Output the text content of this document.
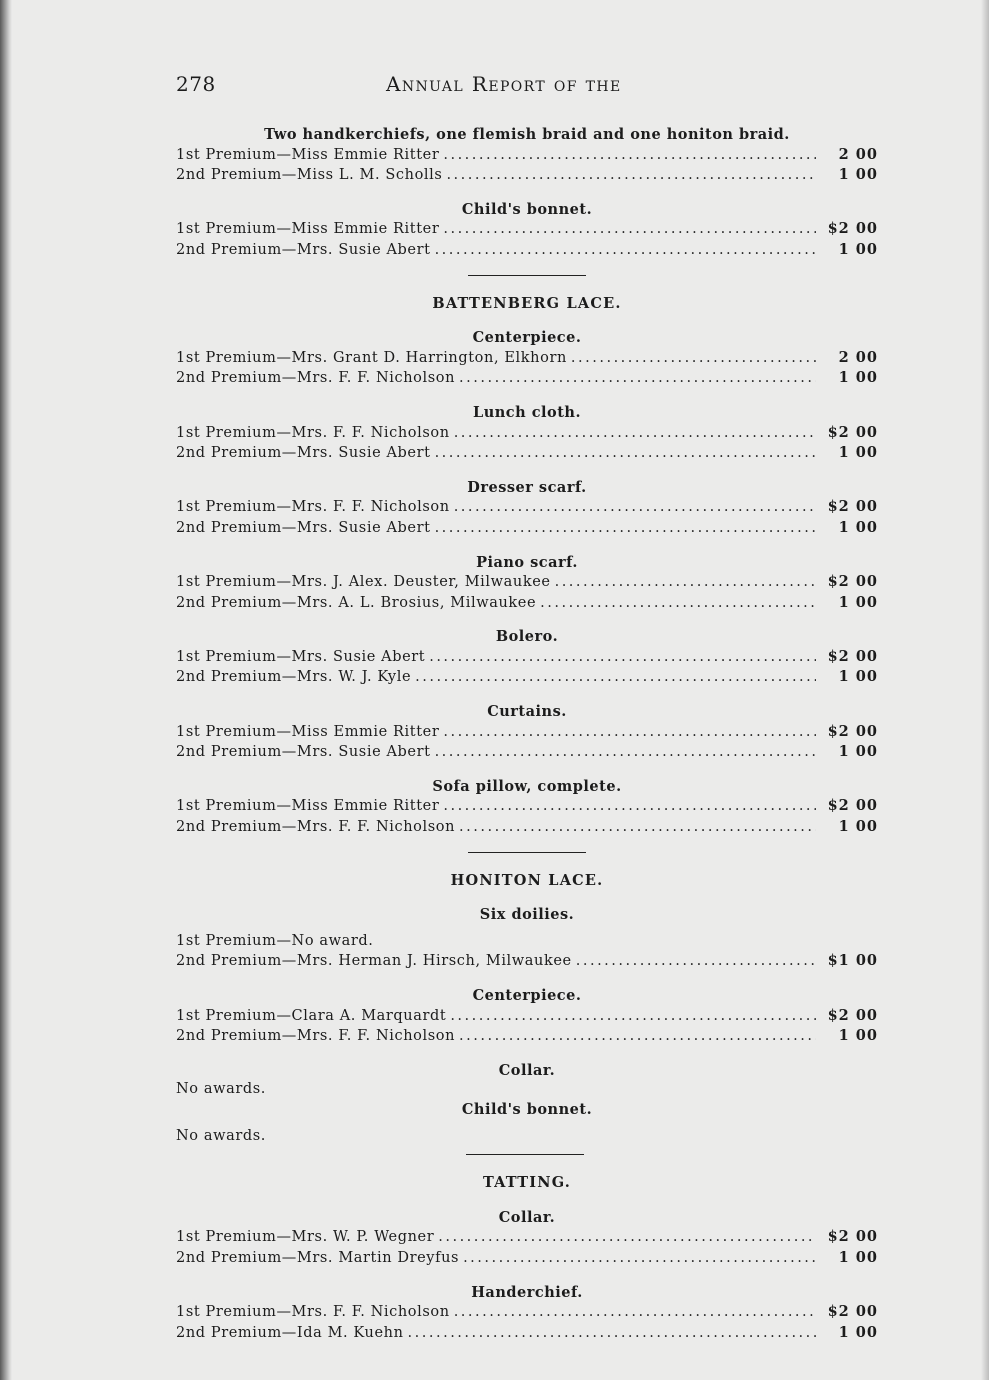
278	Annual Report of the
Two handkerchiefs, one flemish braid and one honiton braid.
1st Premium—Miss Emmie Ritter .....	2 00
2nd Premium—Miss L. M. Scholls .....	1 00
Child's bonnet.
1st Premium—Miss Emmie Ritter .....	$2 00
2nd Premium—Mrs. Susie Abert .....	1 00
BATTENBERG LACE.
Centerpiece.
1st Premium—Mrs. Grant D. Harrington, Elkhorn .....	2 00
2nd Premium—Mrs. F. F. Nicholson .....	1 00
Lunch cloth.
1st Premium—Mrs. F. F. Nicholson .....	$2 00
2nd Premium—Mrs. Susie Abert .....	1 00
Dresser scarf.
1st Premium—Mrs. F. F. Nicholson .....	$2 00
2nd Premium—Mrs. Susie Abert .....	1 00
Piano scarf.
1st Premium—Mrs. J. Alex. Deuster, Milwaukee .....	$2 00
2nd Premium—Mrs. A. L. Brosius, Milwaukee .....	1 00
Bolero.
1st Premium—Mrs. Susie Abert .....	$2 00
2nd Premium—Mrs. W. J. Kyle .....	1 00
Curtains.
1st Premium—Miss Emmie Ritter .....	$2 00
2nd Premium—Mrs. Susie Abert .....	1 00
Sofa pillow, complete.
1st Premium—Miss Emmie Ritter .....	$2 00
2nd Premium—Mrs. F. F. Nicholson .....	1 00
HONITON LACE.
Six doilies.
1st Premium—No award.
2nd Premium—Mrs. Herman J. Hirsch, Milwaukee .....	$1 00
Centerpiece.
1st Premium—Clara A. Marquardt .....	$2 00
2nd Premium—Mrs. F. F. Nicholson .....	1 00
Collar.
No awards.
Child's bonnet.
No awards.
TATTING.
Collar.
1st Premium—Mrs. W. P. Wegner .....	$2 00
2nd Premium—Mrs. Martin Dreyfus .....	1 00
Handerchief.
1st Premium—Mrs. F. F. Nicholson .....	$2 00
2nd Premium—Ida M. Kuehn .....	1 00
